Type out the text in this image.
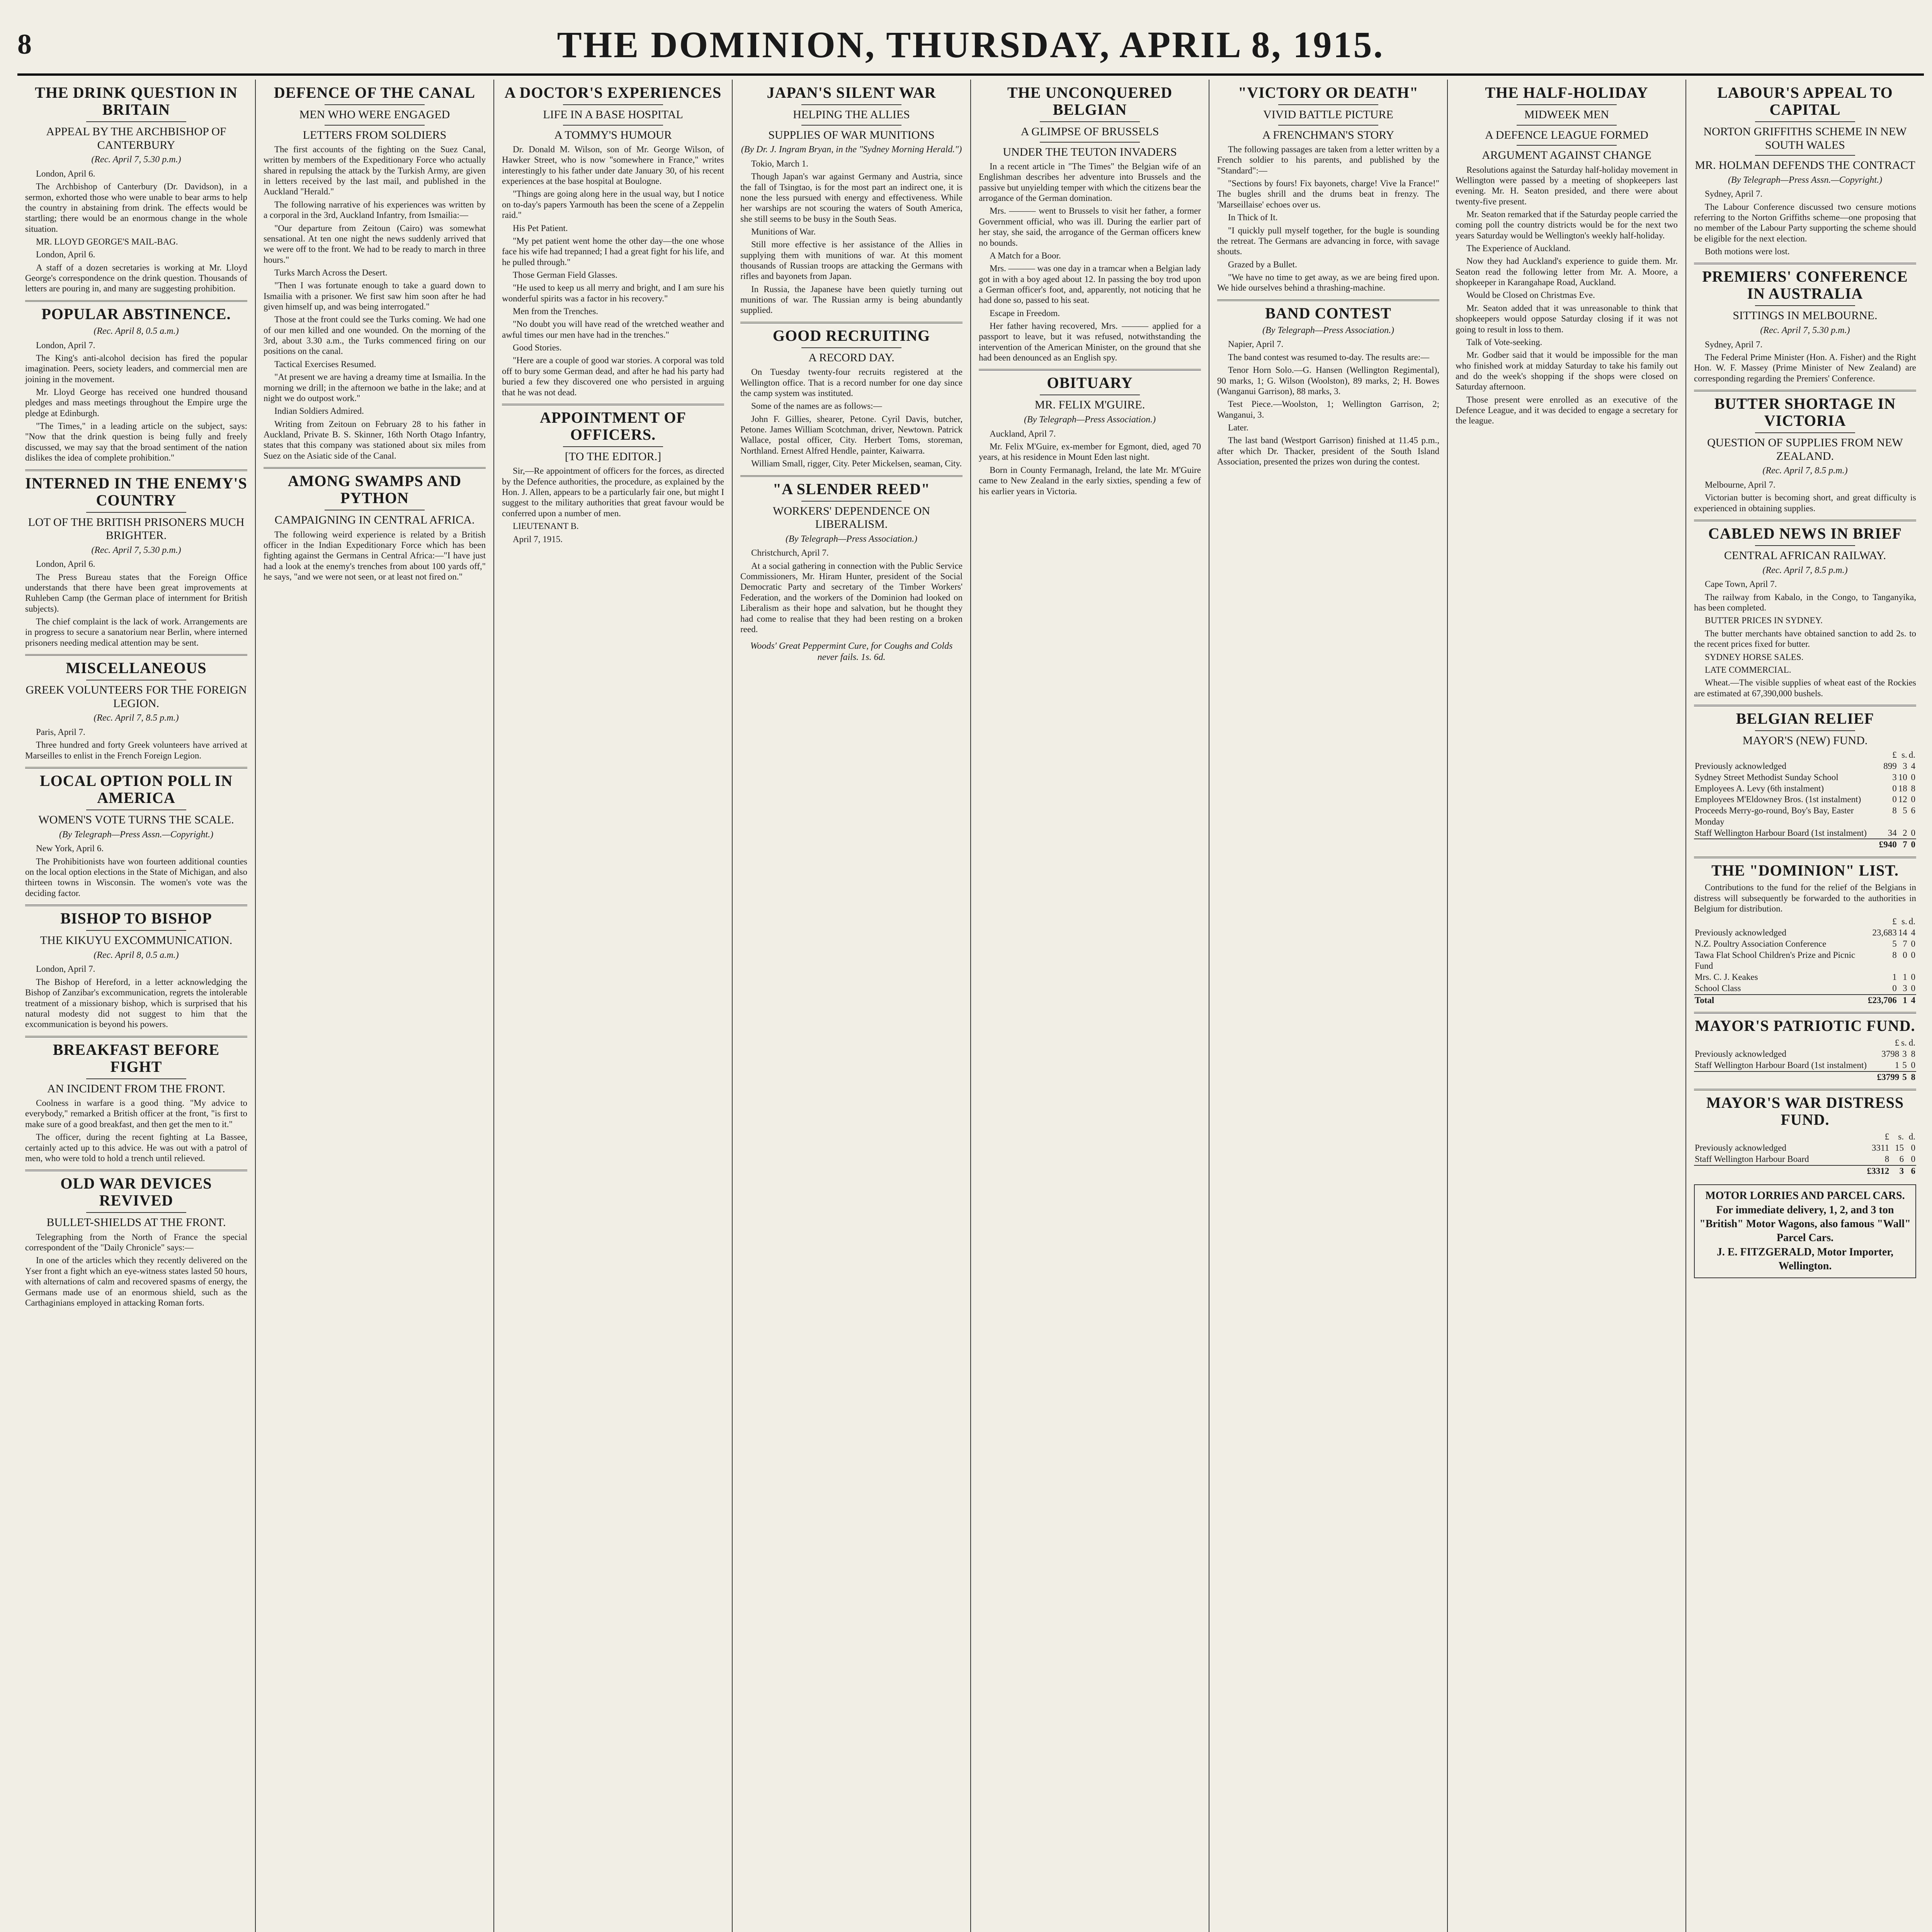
8	THE DOMINION, THURSDAY, APRIL 8, 1915.
THE DRINK QUESTION IN BRITAIN
APPEAL BY THE ARCHBISHOP OF CANTERBURY
(Rec. April 7, 5.30 p.m.)

London, April 6.

The Archbishop of Canterbury (Dr. Davidson), in a sermon, exhorted those who were unable to bear arms to help the country in abstaining from drink. The effects would be startling; there would be an enormous change in the whole situation.

MR. LLOYD GEORGE'S MAIL-BAG.

London, April 6.

A staff of a dozen secretaries is working at Mr. Lloyd George's correspondence on the drink question. Thousands of letters are pouring in, and many are suggesting prohibition.

POPULAR ABSTINENCE.
(Rec. April 8, 0.5 a.m.)

London, April 7.

The King's anti-alcohol decision has fired the popular imagination. Peers, society leaders, and commercial men are joining in the movement.

Mr. Lloyd George has received one hundred thousand pledges and mass meetings throughout the Empire urge the pledge at Edinburgh.

"The Times," in a leading article on the subject, says: "Now that the drink question is being fully and freely discussed, we may say that the broad sentiment of the nation dislikes the idea of complete prohibition."

INTERNED IN THE ENEMY'S COUNTRY
LOT OF THE BRITISH PRISONERS MUCH BRIGHTER.
(Rec. April 7, 5.30 p.m.)

London, April 6.

The Press Bureau states that the Foreign Office understands that there have been great improvements at Ruhleben Camp (the German place of internment for British subjects).

The chief complaint is the lack of work. Arrangements are in progress to secure a sanatorium near Berlin, where interned prisoners needing medical attention may be sent.

MISCELLANEOUS
GREEK VOLUNTEERS FOR THE FOREIGN LEGION.
(Rec. April 7, 8.5 p.m.)

Paris, April 7.

Three hundred and forty Greek volunteers have arrived at Marseilles to enlist in the French Foreign Legion.

LOCAL OPTION POLL IN AMERICA
WOMEN'S VOTE TURNS THE SCALE.
(By Telegraph—Press Assn.—Copyright.)

New York, April 6.

The Prohibitionists have won fourteen additional counties on the local option elections in the State of Michigan, and also thirteen towns in Wisconsin. The women's vote was the deciding factor.

BISHOP TO BISHOP
THE KIKUYU EXCOMMUNICATION.
(Rec. April 8, 0.5 a.m.)

London, April 7.

The Bishop of Hereford, in a letter acknowledging the Bishop of Zanzibar's excommunication, regrets the intolerable treatment of a missionary bishop, which is surprised that his natural modesty did not suggest to him that the excommunication is beyond his powers.

BREAKFAST BEFORE FIGHT
AN INCIDENT FROM THE FRONT.

Coolness in warfare is a good thing. "My advice to everybody," remarked a British officer at the front, "is first to make sure of a good breakfast, and then get the men to it."

The officer, during the recent fighting at La Bassee, certainly acted up to this advice. He was out with a patrol of men, who were told to hold a trench until relieved.

OLD WAR DEVICES REVIVED
BULLET-SHIELDS AT THE FRONT.

Telegraphing from the North of France the special correspondent of the "Daily Chronicle" says:—

In one of the articles which they recently delivered on the Yser front a fight which an eye-witness states lasted 50 hours, with alternations of calm and recovered spasms of energy, the Germans made use of an enormous shield, such as the Carthaginians employed in attacking Roman forts.

DEFENCE OF THE CANAL
MEN WHO WERE ENGAGED
LETTERS FROM SOLDIERS

The first accounts of the fighting on the Suez Canal, written by members of the Expeditionary Force who actually shared in repulsing the attack by the Turkish Army, are given in letters received by the last mail, and published in the Auckland "Herald."

The following narrative of his experiences was written by a corporal in the 3rd, Auckland Infantry, from Ismailia:—

"Our departure from Zeitoun (Cairo) was somewhat sensational. At ten one night the news suddenly arrived that we were off to the front. We had to be ready to march in three hours."

Turks March Across the Desert.

"Then I was fortunate enough to take a guard down to Ismailia with a prisoner. We first saw him soon after he had given himself up, and was being interrogated."

Those at the front could see the Turks coming. We had one of our men killed and one wounded. On the morning of the 3rd, about 3.30 a.m., the Turks commenced firing on our positions on the canal.

Tactical Exercises Resumed.

"At present we are having a dreamy time at Ismailia. In the morning we drill; in the afternoon we bathe in the lake; and at night we do outpost work."

Indian Soldiers Admired.

Writing from Zeitoun on February 28 to his father in Auckland, Private B. S. Skinner, 16th North Otago Infantry, states that this company was stationed about six miles from Suez on the Asiatic side of the Canal.

AMONG SWAMPS AND PYTHON
CAMPAIGNING IN CENTRAL AFRICA.

The following weird experience is related by a British officer in the Indian Expeditionary Force which has been fighting against the Germans in Central Africa:—"I have just had a look at the enemy's trenches from about 100 yards off," he says, "and we were not seen, or at least not fired on."

A DOCTOR'S EXPERIENCES
LIFE IN A BASE HOSPITAL
A TOMMY'S HUMOUR

Dr. Donald M. Wilson, son of Mr. George Wilson, of Hawker Street, who is now "somewhere in France," writes interestingly to his father under date January 30, of his recent experiences at the base hospital at Boulogne.

"Things are going along here in the usual way, but I notice on to-day's papers Yarmouth has been the scene of a Zeppelin raid."

His Pet Patient.

"My pet patient went home the other day—the one whose face his wife had trepanned; I had a great fight for his life, and he pulled through."

Those German Field Glasses.

"He used to keep us all merry and bright, and I am sure his wonderful spirits was a factor in his recovery."

Men from the Trenches.

"No doubt you will have read of the wretched weather and awful times our men have had in the trenches."

Good Stories.

"Here are a couple of good war stories. A corporal was told off to bury some German dead, and after he had his party had buried a few they discovered one who persisted in arguing that he was not dead.

APPOINTMENT OF OFFICERS.
[TO THE EDITOR.]

Sir,—Re appointment of officers for the forces, as directed by the Defence authorities, the procedure, as explained by the Hon. J. Allen, appears to be a particularly fair one, but might I suggest to the military authorities that great favour would be conferred upon a number of men.

LIEUTENANT B.

April 7, 1915.

JAPAN'S SILENT WAR
HELPING THE ALLIES
SUPPLIES OF WAR MUNITIONS
(By Dr. J. Ingram Bryan, in the "Sydney Morning Herald.")

Tokio, March 1.

Though Japan's war against Germany and Austria, since the fall of Tsingtao, is for the most part an indirect one, it is none the less pursued with energy and effectiveness. While her warships are not scouring the waters of South America, she still seems to be busy in the South Seas.

Munitions of War.

Still more effective is her assistance of the Allies in supplying them with munitions of war. At this moment thousands of Russian troops are attacking the Germans with rifles and bayonets from Japan.

In Russia, the Japanese have been quietly turning out munitions of war. The Russian army is being abundantly supplied.

GOOD RECRUITING
A RECORD DAY.

On Tuesday twenty-four recruits registered at the Wellington office. That is a record number for one day since the camp system was instituted.

Some of the names are as follows:—

John F. Gillies, shearer, Petone. Cyril Davis, butcher, Petone. James William Scotchman, driver, Newtown. Patrick Wallace, postal officer, City. Herbert Toms, storeman, Northland. Ernest Alfred Hendle, painter, Kaiwarra.

William Small, rigger, City. Peter Mickelsen, seaman, City.

"A SLENDER REED"
WORKERS' DEPENDENCE ON LIBERALISM.
(By Telegraph—Press Association.)

Christchurch, April 7.

At a social gathering in connection with the Public Service Commissioners, Mr. Hiram Hunter, president of the Social Democratic Party and secretary of the Timber Workers' Federation, and the workers of the Dominion had looked on Liberalism as their hope and salvation, but he thought they had come to realise that they had been resting on a broken reed.

Woods' Great Peppermint Cure, for Coughs and Colds never fails. 1s. 6d.
THE UNCONQUERED BELGIAN
A GLIMPSE OF BRUSSELS
UNDER THE TEUTON INVADERS

In a recent article in "The Times" the Belgian wife of an Englishman describes her adventure into Brussels and the passive but unyielding temper with which the citizens bear the arrogance of the German domination.

Mrs. ——— went to Brussels to visit her father, a former Government official, who was ill. During the earlier part of her stay, she said, the arrogance of the German officers knew no bounds.

A Match for a Boor.

Mrs. ——— was one day in a tramcar when a Belgian lady got in with a boy aged about 12. In passing the boy trod upon a German officer's foot, and, apparently, not noticing that he had done so, passed to his seat.

Escape in Freedom.

Her father having recovered, Mrs. ——— applied for a passport to leave, but it was refused, notwithstanding the intervention of the American Minister, on the ground that she had been denounced as an English spy.

OBITUARY
MR. FELIX M'GUIRE.
(By Telegraph—Press Association.)

Auckland, April 7.

Mr. Felix M'Guire, ex-member for Egmont, died, aged 70 years, at his residence in Mount Eden last night.

Born in County Fermanagh, Ireland, the late Mr. M'Guire came to New Zealand in the early sixties, spending a few of his earlier years in Victoria.

"VICTORY OR DEATH"
VIVID BATTLE PICTURE
A FRENCHMAN'S STORY

The following passages are taken from a letter written by a French soldier to his parents, and published by the "Standard":—

"Sections by fours! Fix bayonets, charge! Vive la France!" The bugles shrill and the drums beat in frenzy. The 'Marseillaise' echoes over us.

In Thick of It.

"I quickly pull myself together, for the bugle is sounding the retreat. The Germans are advancing in force, with savage shouts.

Grazed by a Bullet.

"We have no time to get away, as we are being fired upon. We hide ourselves behind a thrashing-machine.

BAND CONTEST
(By Telegraph—Press Association.)

Napier, April 7.

The band contest was resumed to-day. The results are:—

Tenor Horn Solo.—G. Hansen (Wellington Regimental), 90 marks, 1; G. Wilson (Woolston), 89 marks, 2; H. Bowes (Wanganui Garrison), 88 marks, 3.

Test Piece.—Woolston, 1; Wellington Garrison, 2; Wanganui, 3.

Later.

The last band (Westport Garrison) finished at 11.45 p.m., after which Dr. Thacker, president of the South Island Association, presented the prizes won during the contest.

THE HALF-HOLIDAY
MIDWEEK MEN
A DEFENCE LEAGUE FORMED
ARGUMENT AGAINST CHANGE

Resolutions against the Saturday half-holiday movement in Wellington were passed by a meeting of shopkeepers last evening. Mr. H. Seaton presided, and there were about twenty-five present.

Mr. Seaton remarked that if the Saturday people carried the coming poll the country districts would be for the next two years Saturday would be Wellington's weekly half-holiday.

The Experience of Auckland.

Now they had Auckland's experience to guide them. Mr. Seaton read the following letter from Mr. A. Moore, a shopkeeper in Karangahape Road, Auckland.

Would be Closed on Christmas Eve.

Mr. Seaton added that it was unreasonable to think that shopkeepers would oppose Saturday closing if it was not going to result in loss to them.

Talk of Vote-seeking.

Mr. Godber said that it would be impossible for the man who finished work at midday Saturday to take his family out and do the week's shopping if the shops were closed on Saturday afternoon.

Those present were enrolled as an executive of the Defence League, and it was decided to engage a secretary for the league.

LABOUR'S APPEAL TO CAPITAL
NORTON GRIFFITHS SCHEME IN NEW SOUTH WALES
MR. HOLMAN DEFENDS THE CONTRACT
(By Telegraph—Press Assn.—Copyright.)

Sydney, April 7.

The Labour Conference discussed two censure motions referring to the Norton Griffiths scheme—one proposing that no member of the Labour Party supporting the scheme should be eligible for the next election.

Both motions were lost.

PREMIERS' CONFERENCE IN AUSTRALIA
SITTINGS IN MELBOURNE.
(Rec. April 7, 5.30 p.m.)

Sydney, April 7.

The Federal Prime Minister (Hon. A. Fisher) and the Right Hon. W. F. Massey (Prime Minister of New Zealand) are corresponding regarding the Premiers' Conference.

BUTTER SHORTAGE IN VICTORIA
QUESTION OF SUPPLIES FROM NEW ZEALAND.
(Rec. April 7, 8.5 p.m.)

Melbourne, April 7.

Victorian butter is becoming short, and great difficulty is experienced in obtaining supplies.

CABLED NEWS IN BRIEF
CENTRAL AFRICAN RAILWAY.
(Rec. April 7, 8.5 p.m.)

Cape Town, April 7.

The railway from Kabalo, in the Congo, to Tanganyika, has been completed.

BUTTER PRICES IN SYDNEY.

The butter merchants have obtained sanction to add 2s. to the recent prices fixed for butter.

SYDNEY HORSE SALES.

LATE COMMERCIAL.

Wheat.—The visible supplies of wheat east of the Rockies are estimated at 67,390,000 bushels.

BELGIAN RELIEF
MAYOR'S (NEW) FUND.
	£	s.	d.
Previously acknowledged	899	3	4
Sydney Street Methodist Sunday School	3	10	0
Employees A. Levy (6th instalment)	0	18	8
Employees M'Eldowney Bros. (1st instalment)	0	12	0
Proceeds Merry-go-round, Boy's Bay, Easter Monday	8	5	6
Staff Wellington Harbour Board (1st instalment)	34	2	0
	£940	7	0
THE "DOMINION" LIST.

Contributions to the fund for the relief of the Belgians in distress will subsequently be forwarded to the authorities in Belgium for distribution.

	£	s.	d.
Previously acknowledged	23,683	14	4
N.Z. Poultry Association Conference	5	7	0
Tawa Flat School Children's Prize and Picnic Fund	8	0	0
Mrs. C. J. Keakes	1	1	0
School Class	0	3	0
Total	£23,706	1	4
MAYOR'S PATRIOTIC FUND.
	£	s.	d.
Previously acknowledged	3798	3	8
Staff Wellington Harbour Board (1st instalment)	1	5	0
	£3799	5	8
MAYOR'S WAR DISTRESS FUND.
	£	s.	d.
Previously acknowledged	3311	15	0
Staff Wellington Harbour Board	8	6	0
	£3312	3	6
MOTOR LORRIES AND PARCEL CARS.
For immediate delivery, 1, 2, and 3 ton "British" Motor Wagons, also famous "Wall" Parcel Cars.
J. E. FITZGERALD, Motor Importer, Wellington.
